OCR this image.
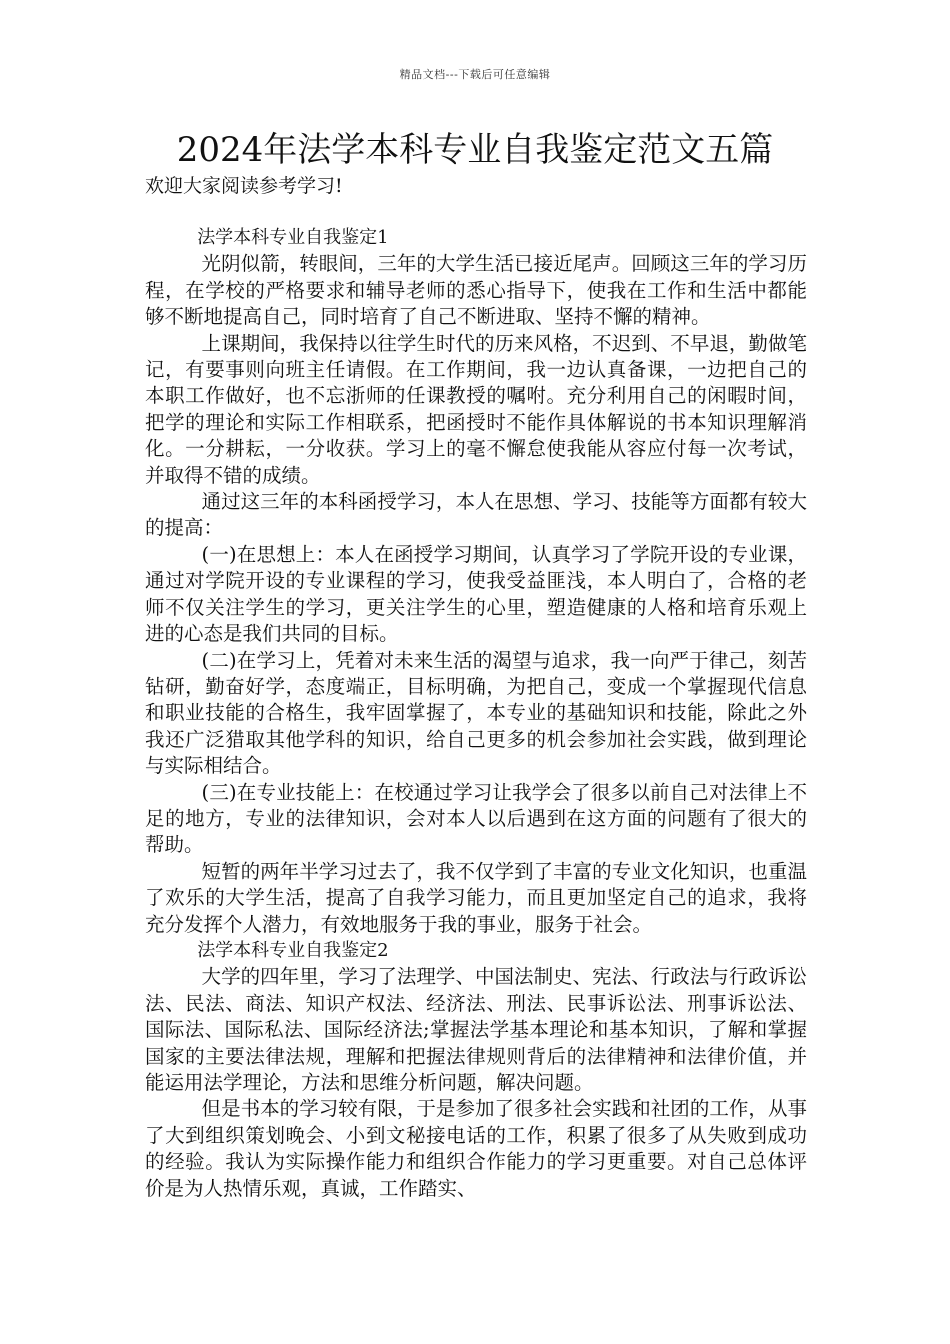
精品文档---下载后可任意编辑
2024年法学本科专业自我鉴定范文五篇

欢迎大家阅读参考学习!

法学本科专业自我鉴定1

光阴似箭，转眼间，三年的大学生活已接近尾声。回顾这三年的学习历程，在学校的严格要求和辅导老师的悉心指导下，使我在工作和生活中都能够不断地提高自己，同时培育了自己不断进取、坚持不懈的精神。

上课期间，我保持以往学生时代的历来风格，不迟到、不早退，勤做笔记，有要事则向班主任请假。在工作期间，我一边认真备课，一边把自己的本职工作做好，也不忘浙师的任课教授的嘱咐。充分利用自己的闲暇时间，把学的理论和实际工作相联系，把函授时不能作具体解说的书本知识理解消化。一分耕耘，一分收获。学习上的毫不懈怠使我能从容应付每一次考试，并取得不错的成绩。

通过这三年的本科函授学习，本人在思想、学习、技能等方面都有较大的提高：

(一)在思想上：本人在函授学习期间，认真学习了学院开设的专业课，通过对学院开设的专业课程的学习，使我受益匪浅，本人明白了，合格的老师不仅关注学生的学习，更关注学生的心里，塑造健康的人格和培育乐观上进的心态是我们共同的目标。

(二)在学习上，凭着对未来生活的渴望与追求，我一向严于律己，刻苦钻研，勤奋好学，态度端正，目标明确，为把自己，变成一个掌握现代信息和职业技能的合格生，我牢固掌握了，本专业的基础知识和技能，除此之外我还广泛猎取其他学科的知识，给自己更多的机会参加社会实践，做到理论与实际相结合。

(三)在专业技能上：在校通过学习让我学会了很多以前自己对法律上不足的地方，专业的法律知识，会对本人以后遇到在这方面的问题有了很大的帮助。

短暂的两年半学习过去了，我不仅学到了丰富的专业文化知识，也重温了欢乐的大学生活，提高了自我学习能力，而且更加坚定自己的追求，我将充分发挥个人潜力，有效地服务于我的事业，服务于社会。

法学本科专业自我鉴定2

大学的四年里，学习了法理学、中国法制史、宪法、行政法与行政诉讼法、民法、商法、知识产权法、经济法、刑法、民事诉讼法、刑事诉讼法、国际法、国际私法、国际经济法;掌握法学基本理论和基本知识，了解和掌握国家的主要法律法规，理解和把握法律规则背后的法律精神和法律价值，并能运用法学理论，方法和思维分析问题，解决问题。

但是书本的学习较有限，于是参加了很多社会实践和社团的工作，从事了大到组织策划晚会、小到文秘接电话的工作，积累了很多了从失败到成功的经验。我认为实际操作能力和组织合作能力的学习更重要。对自己总体评价是为人热情乐观，真诚，工作踏实、
